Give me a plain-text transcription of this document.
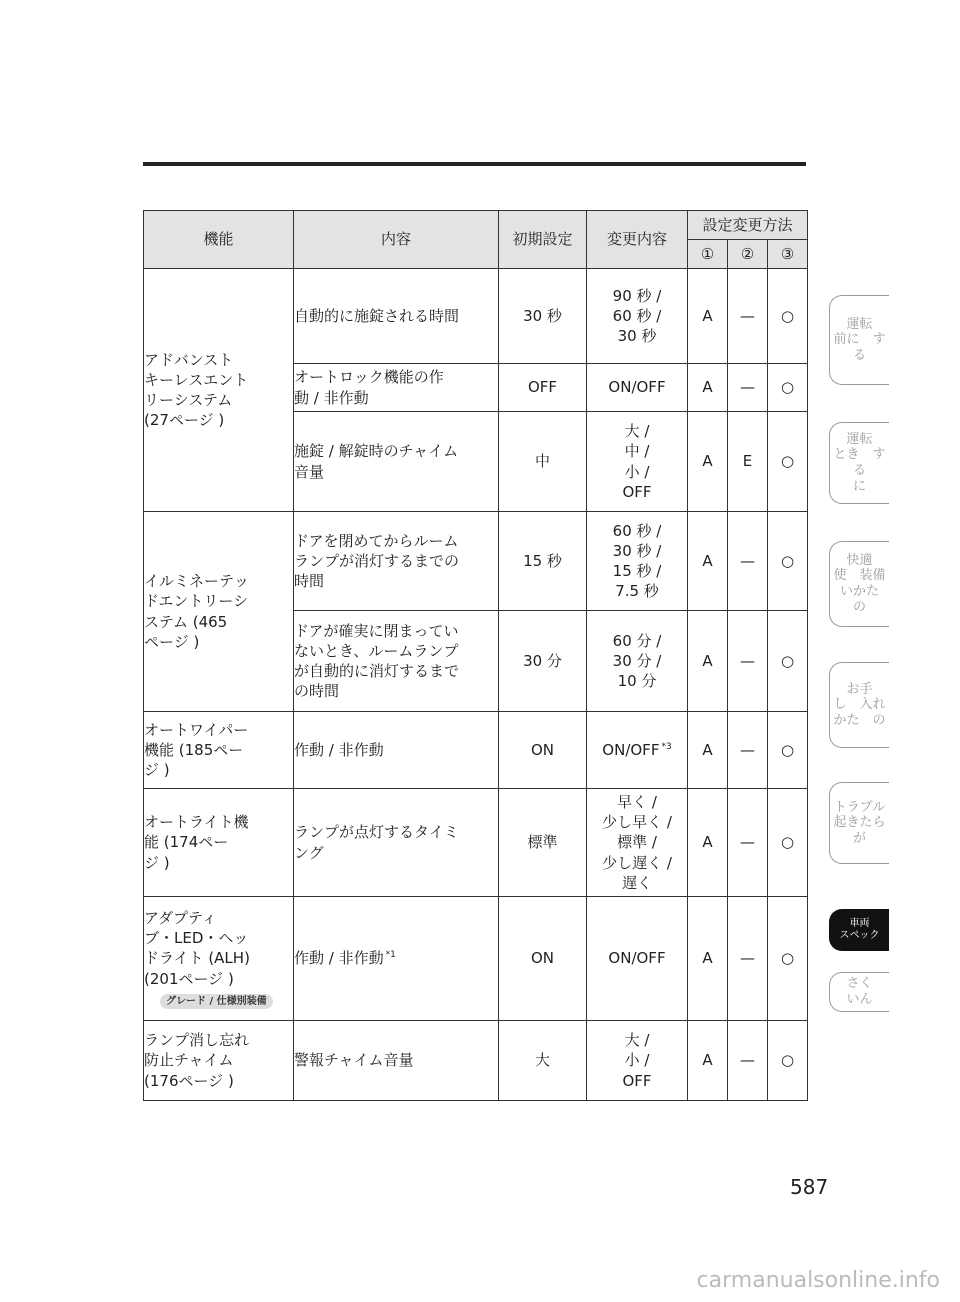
機能	内容	初期設定	変更内容	設定変更方法		
				①	②	③

アドバンスト
キーレスエント
リーシステム
(27ページ )	自動的に施錠される時間	30 秒	90 秒 /
60 秒 /
30 秒	A	—	○
	オートロック機能の作
動 / 非作動	OFF	ON/OFF	A	—	○
	施錠 / 解錠時のチャイム
音量	中	大 /
中 /
小 /
OFF	A	E	○

イルミネーテッ
ドエントリーシ
ステム (465
ページ )	ドアを閉めてからルーム
ランプが消灯するまでの
時間	15 秒	60 秒 /
30 秒 /
15 秒 /
7.5 秒	A	—	○
	ドアが確実に閉まってい
ないとき、ルームランプ
が自動的に消灯するまで
の時間	30 分	60 分 /
30 分 /
10 分	A	—	○

オートワイパー
機能 (185ペー
ジ )	作動 / 非作動	ON	ON/OFF $^{*3}$	A	—	○

オートライト機
能 (174ペー
ジ )	ランプが点灯するタイミ
ング	標準	早く /
少し早く /
標準 /
少し遅く /
遅く	A	—	○

アダプティ
ブ・LED・ヘッ
ドライト (ALH)
(201ページ )
グレード / 仕様別装備	作動 / 非作動 $^{*1}$	ON	ON/OFF	A	—	○

ランプ消し忘れ
防止チャイム
(176ページ )	警報チャイム音量	大	大 /
小 /
OFF	A	—	○
運転
前に　する
運転
とき　する
に
快適
使　装備
いかた　の
お手
し　入れ
かた　の
トラブル
起きたら　が
車両
スペック
さく
いん
587
carmanualsonline.info
